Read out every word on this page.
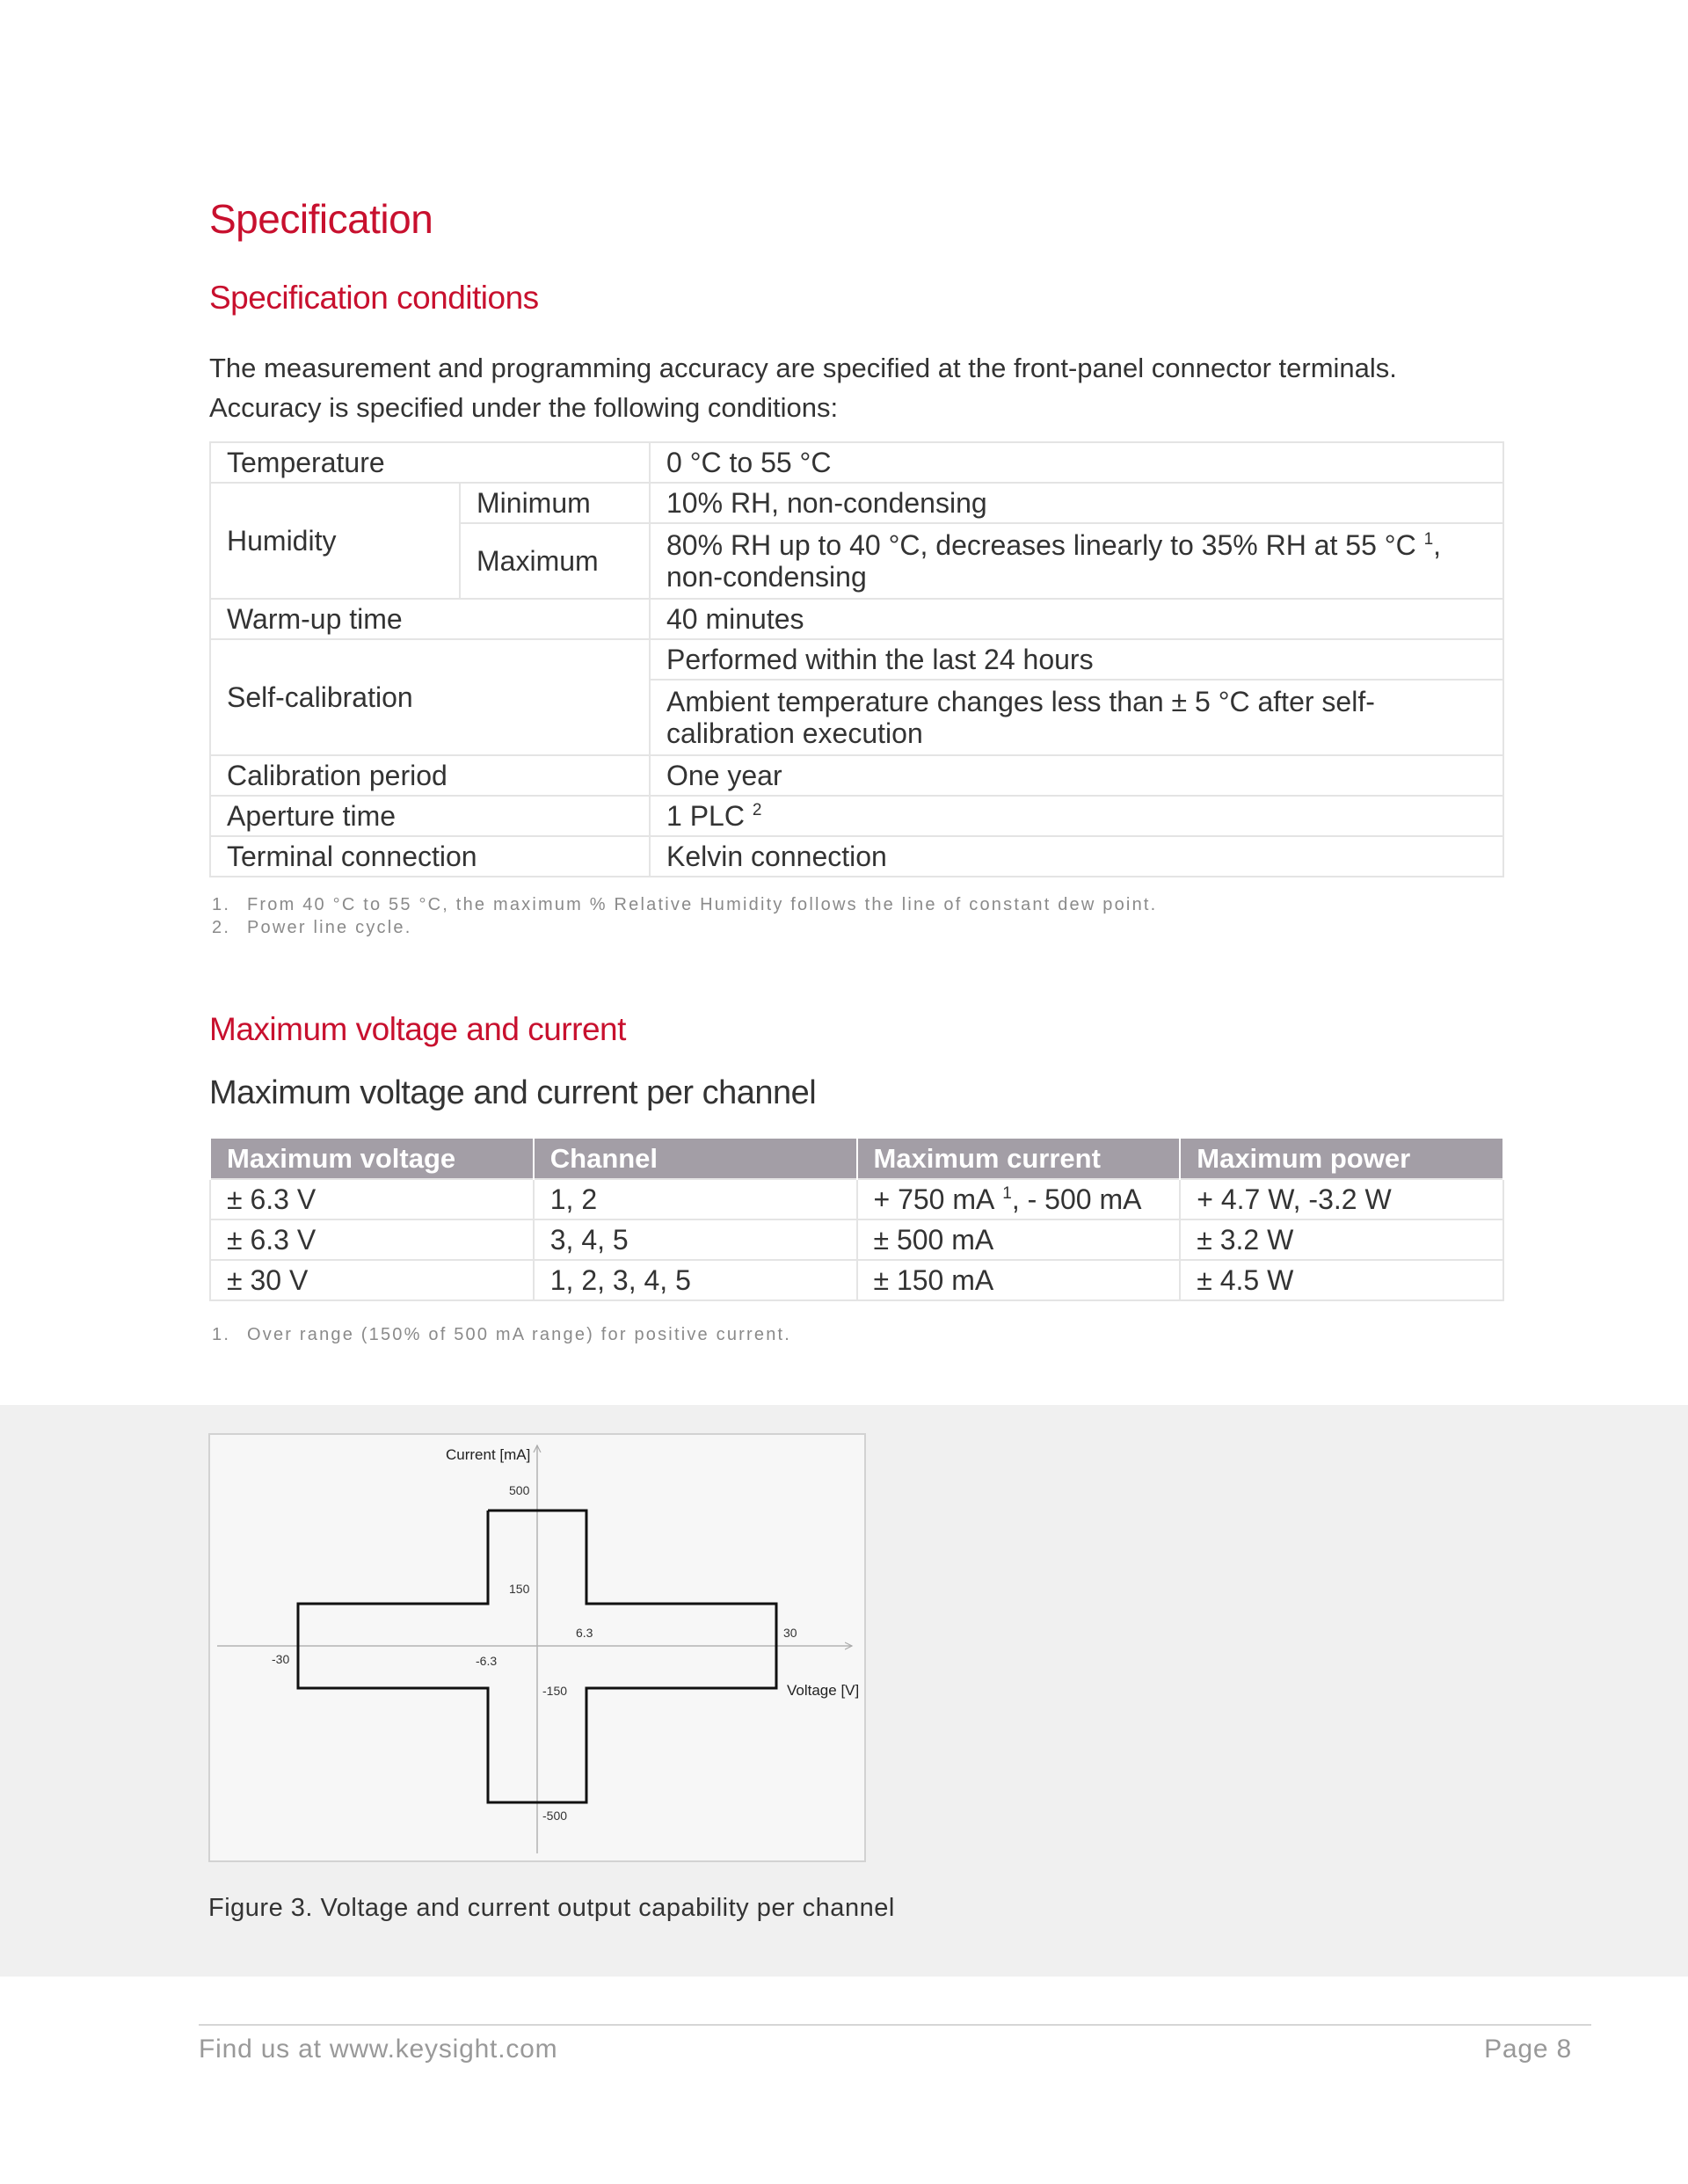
Specification
Specification conditions
The measurement and programming accuracy are specified at the front-panel connector terminals.
Accuracy is specified under the following conditions:
Temperature		0 °C to 55 °C
Humidity	Minimum	10% RH, non-condensing
	Maximum	80% RH up to 40 °C, decreases linearly to 35% RH at 55 °C $^1$,
non-condensing
Warm-up time		40 minutes
Self-calibration		Performed within the last 24 hours
		Ambient temperature changes less than ± 5 °C after self-calibration execution
Calibration period		One year
Aperture time		1 PLC $^2$
Terminal connection		Kelvin connection
1. From 40 °C to 55 °C, the maximum % Relative Humidity follows the line of constant dew point.
2. Power line cycle.
Maximum voltage and current
Maximum voltage and current per channel
Maximum voltage	Channel	Maximum current	Maximum power
± 6.3 V	1, 2	+ 750 mA $^1$, - 500 mA	+ 4.7 W, -3.2 W
± 6.3 V	3, 4, 5	± 500 mA	± 3.2 W
± 30 V	1, 2, 3, 4, 5	± 150 mA	± 4.5 W
1. Over range (150% of 500 mA range) for positive current.
Current [mA]
Voltage [V]
500
150
-150
-500
6.3
-6.3
30
-30
Figure 3. Voltage and current output capability per channel
Find us at www.keysight.com	Page 8
